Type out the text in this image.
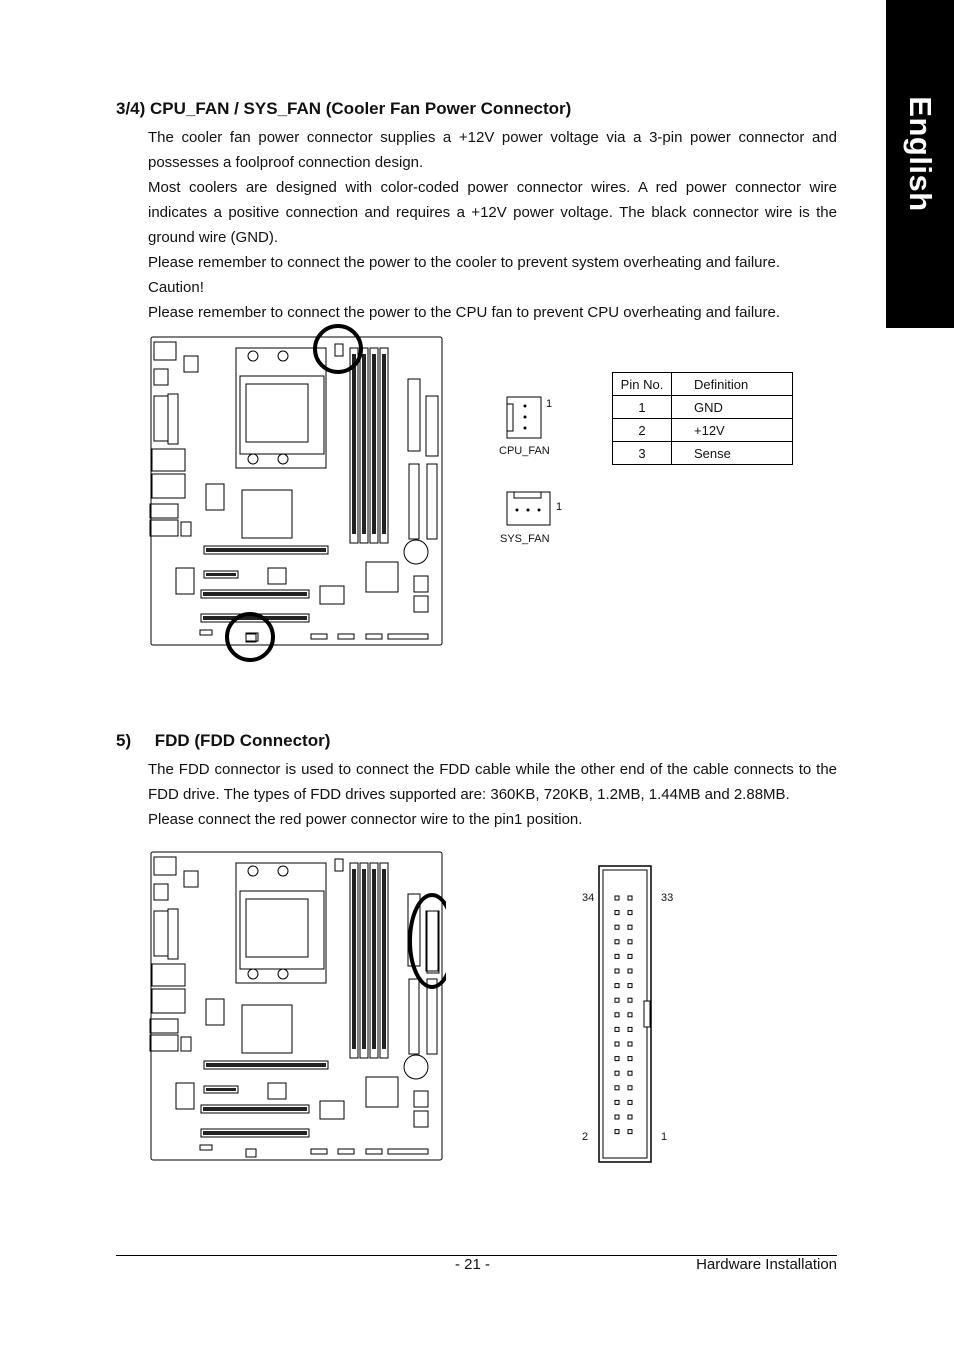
English
3/4) CPU_FAN / SYS_FAN (Cooler Fan Power Connector)

The cooler fan power connector supplies a +12V power voltage via a 3-pin power connector and possesses a foolproof connection design.

Most coolers are designed with color-coded power connector wires. A red power connector wire indicates a positive connection and requires a +12V power voltage. The black connector wire is the ground wire (GND).

Please remember to connect the power to the cooler to prevent system overheating and failure.

Caution!

Please remember to connect the power to the CPU fan to prevent CPU overheating and failure.

1
CPU_FAN
1
SYS_FAN
Pin No.	Definition
1	GND
2	+12V
3	Sense
5) FDD (FDD Connector)

The FDD connector is used to connect the FDD cable while the other end of the cable connects to the FDD drive. The types of FDD drives supported are: 360KB, 720KB, 1.2MB, 1.44MB and 2.88MB.

Please connect the red power connector wire to the pin1 position.

34	33
2	1
- 21 -	Hardware Installation
